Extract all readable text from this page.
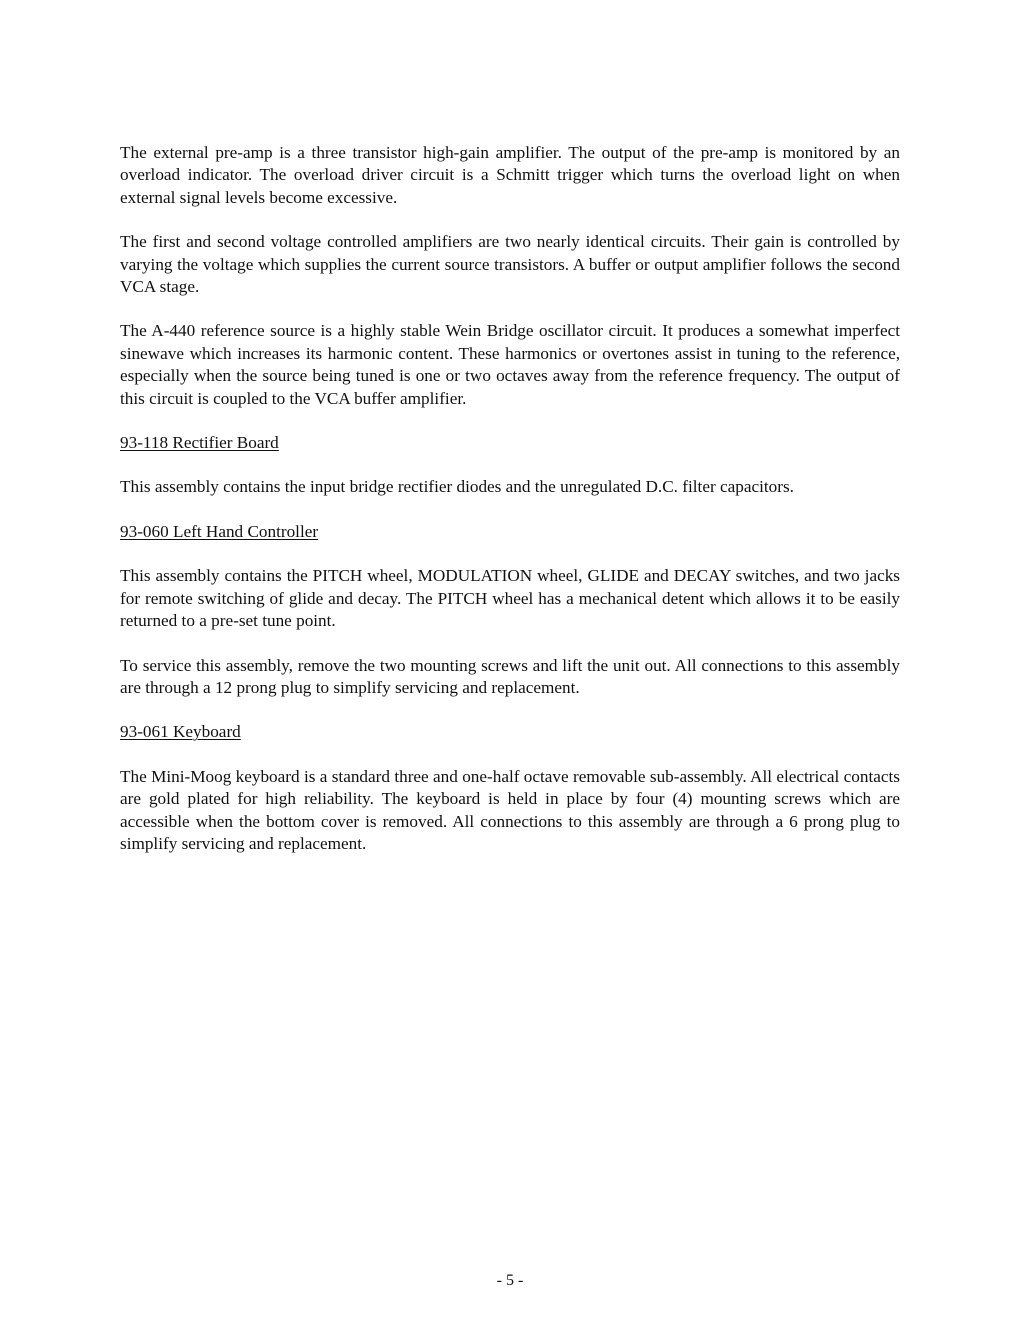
The external pre-amp is a three transistor high-gain amplifier. The output of the pre-amp is monitored by an overload indicator. The overload driver circuit is a Schmitt trigger which turns the overload light on when external signal levels become excessive.

The first and second voltage controlled amplifiers are two nearly identical circuits. Their gain is controlled by varying the voltage which supplies the current source transistors. A buffer or output amplifier follows the second VCA stage.

The A-440 reference source is a highly stable Wein Bridge oscillator circuit. It produces a somewhat imperfect sinewave which increases its harmonic content. These harmonics or overtones assist in tuning to the reference, especially when the source being tuned is one or two octaves away from the reference frequency. The output of this circuit is coupled to the VCA buffer amplifier.

93-118 Rectifier Board

This assembly contains the input bridge rectifier diodes and the unregulated D.C. filter capacitors.

93-060 Left Hand Controller

This assembly contains the PITCH wheel, MODULATION wheel, GLIDE and DECAY switches, and two jacks for remote switching of glide and decay. The PITCH wheel has a mechanical detent which allows it to be easily returned to a pre-set tune point.

To service this assembly, remove the two mounting screws and lift the unit out. All connections to this assembly are through a 12 prong plug to simplify servicing and replacement.

93-061 Keyboard

The Mini-Moog keyboard is a standard three and one-half octave removable sub-assembly. All electrical contacts are gold plated for high reliability. The keyboard is held in place by four (4) mounting screws which are accessible when the bottom cover is removed. All connections to this assembly are through a 6 prong plug to simplify servicing and replacement.

- 5 -
